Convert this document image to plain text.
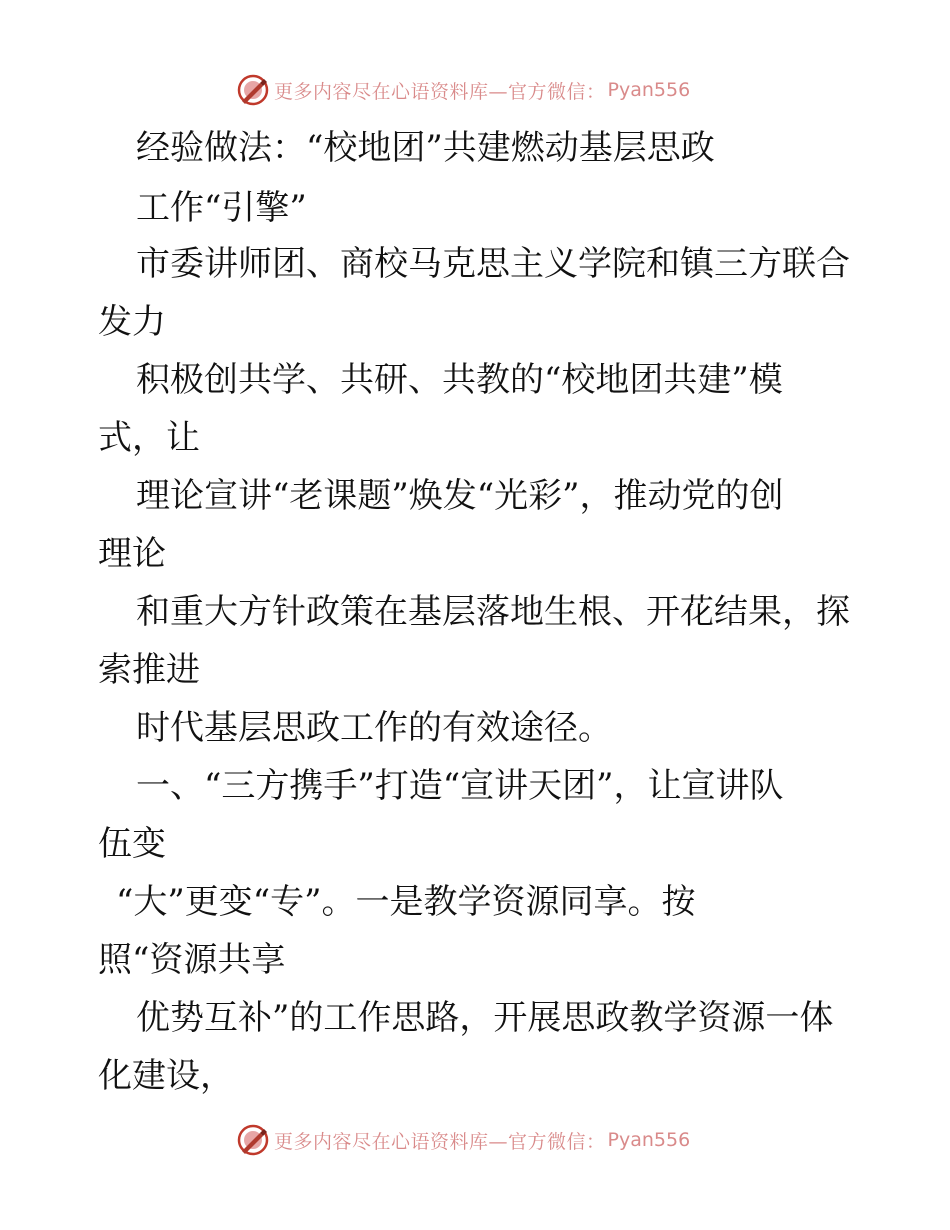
更多内容尽在心语资料库—官方微信： Pyan556
经验做法：“校地团”共建燃动基层思政
工作“引擎”
市委讲师团、商校马克思主义学院和镇三方联合
发力
积极创共学、共研、共教的“校地团共建”模
式，让
理论宣讲“老课题”焕发“光彩”，推动党的创
理论
和重大方针政策在基层落地生根、开花结果，探
索推进
时代基层思政工作的有效途径。
一、“三方携手”打造“宣讲天团”，让宣讲队
伍变
“大”更变“专”。一是教学资源同享。按
照“资源共享
优势互补”的工作思路，开展思政教学资源一体
化建设，
更多内容尽在心语资料库—官方微信： Pyan556
